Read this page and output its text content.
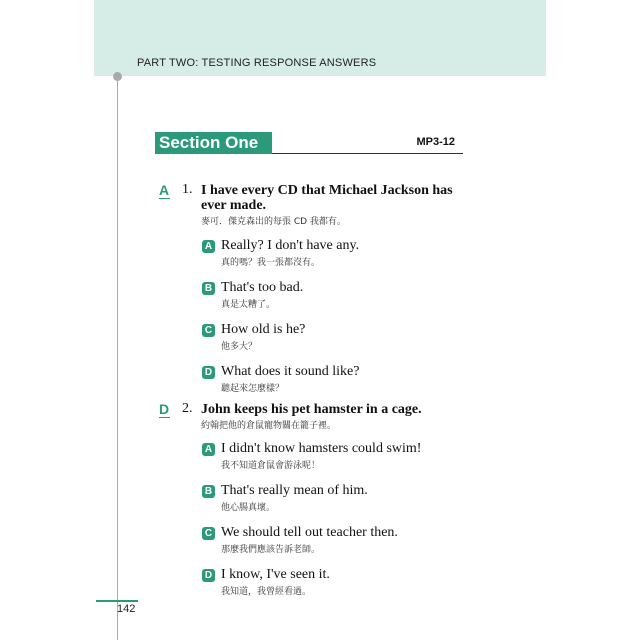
PART TWO: TESTING RESPONSE ANSWERS
Section One	MP3-12
A 1. I have every CD that Michael Jackson has
ever made.
麥可．傑克森出的每張 CD 我都有。
A Really? I don't have any.
真的嗎？我一張都沒有。
B That's too bad.
真是太糟了。
C How old is he?
他多大？
D What does it sound like?
聽起來怎麼樣？
D 2. John keeps his pet hamster in a cage.
約翰把他的倉鼠寵物關在籠子裡。
A I didn't know hamsters could swim!
我不知道倉鼠會游泳呢！
B That's really mean of him.
他心腸真壞。
C We should tell out teacher then.
那麼我們應該告訴老師。
D I know, I've seen it.
我知道，我曾經看過。
142
